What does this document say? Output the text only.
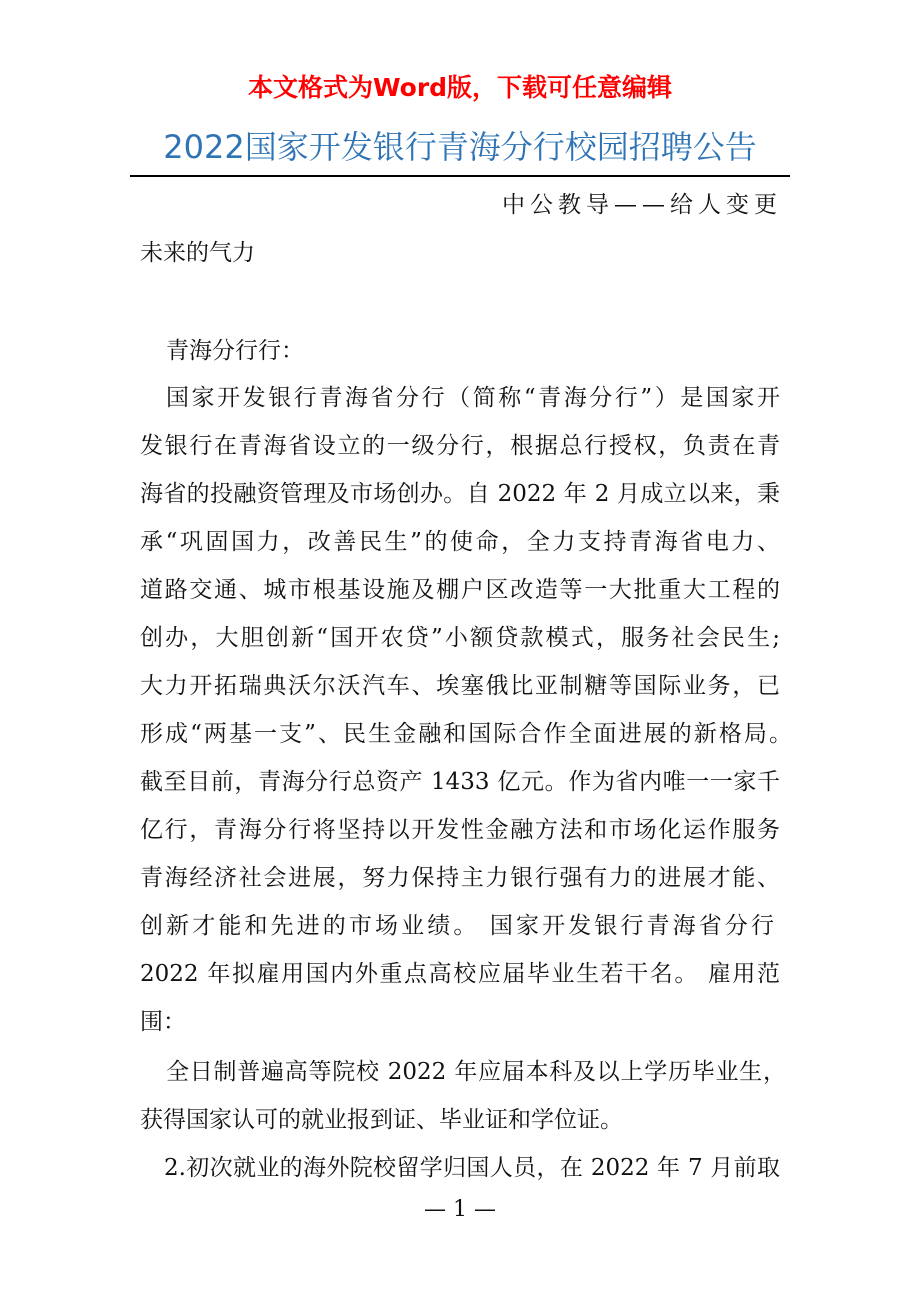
本文格式为Word版，下载可任意编辑
2022国家开发银行青海分行校园招聘公告
中公教导——给人变更
未来的气力
青海分行行：
国家开发银行青海省分行（简称“青海分行”）是国家开
发银行在青海省设立的一级分行，根据总行授权，负责在青
海省的投融资管理及市场创办。自 2022 年 2 月成立以来，秉
承“巩固国力，改善民生”的使命，全力支持青海省电力、
道路交通、城市根基设施及棚户区改造等一大批重大工程的
创办，大胆创新“国开农贷”小额贷款模式，服务社会民生;
大力开拓瑞典沃尔沃汽车、埃塞俄比亚制糖等国际业务，已
形成“两基一支”、民生金融和国际合作全面进展的新格局。
截至目前，青海分行总资产 1433 亿元。作为省内唯一一家千
亿行，青海分行将坚持以开发性金融方法和市场化运作服务
青海经济社会进展，努力保持主力银行强有力的进展才能、
创新才能和先进的市场业绩。 国家开发银行青海省分行
2022 年拟雇用国内外重点高校应届毕业生若干名。 雇用范
围：
全日制普遍高等院校 2022 年应届本科及以上学历毕业生，
获得国家认可的就业报到证、毕业证和学位证。
2.初次就业的海外院校留学归国人员，在 2022 年 7 月前取
— 1 —
